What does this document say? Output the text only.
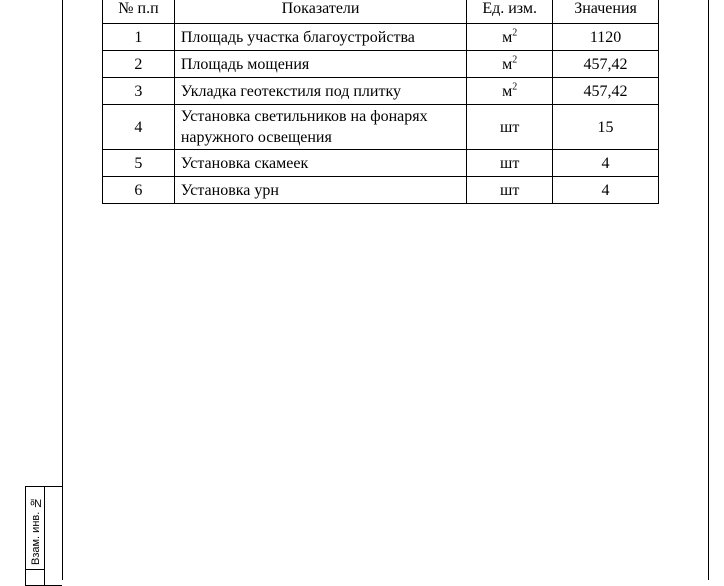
Взам. инв. №
№ п.п	Показатели	Ед. изм.	Значения
1	Площадь участка благоустройства	$м^2$	1120
2	Площадь мощения	$м^2$	457,42
3	Укладка геотекстиля под плитку	$м^2$	457,42
4	Установка светильников на фонарях наружного освещения	шт	15
5	Установка скамеек	шт	4
6	Установка урн	шт	4
